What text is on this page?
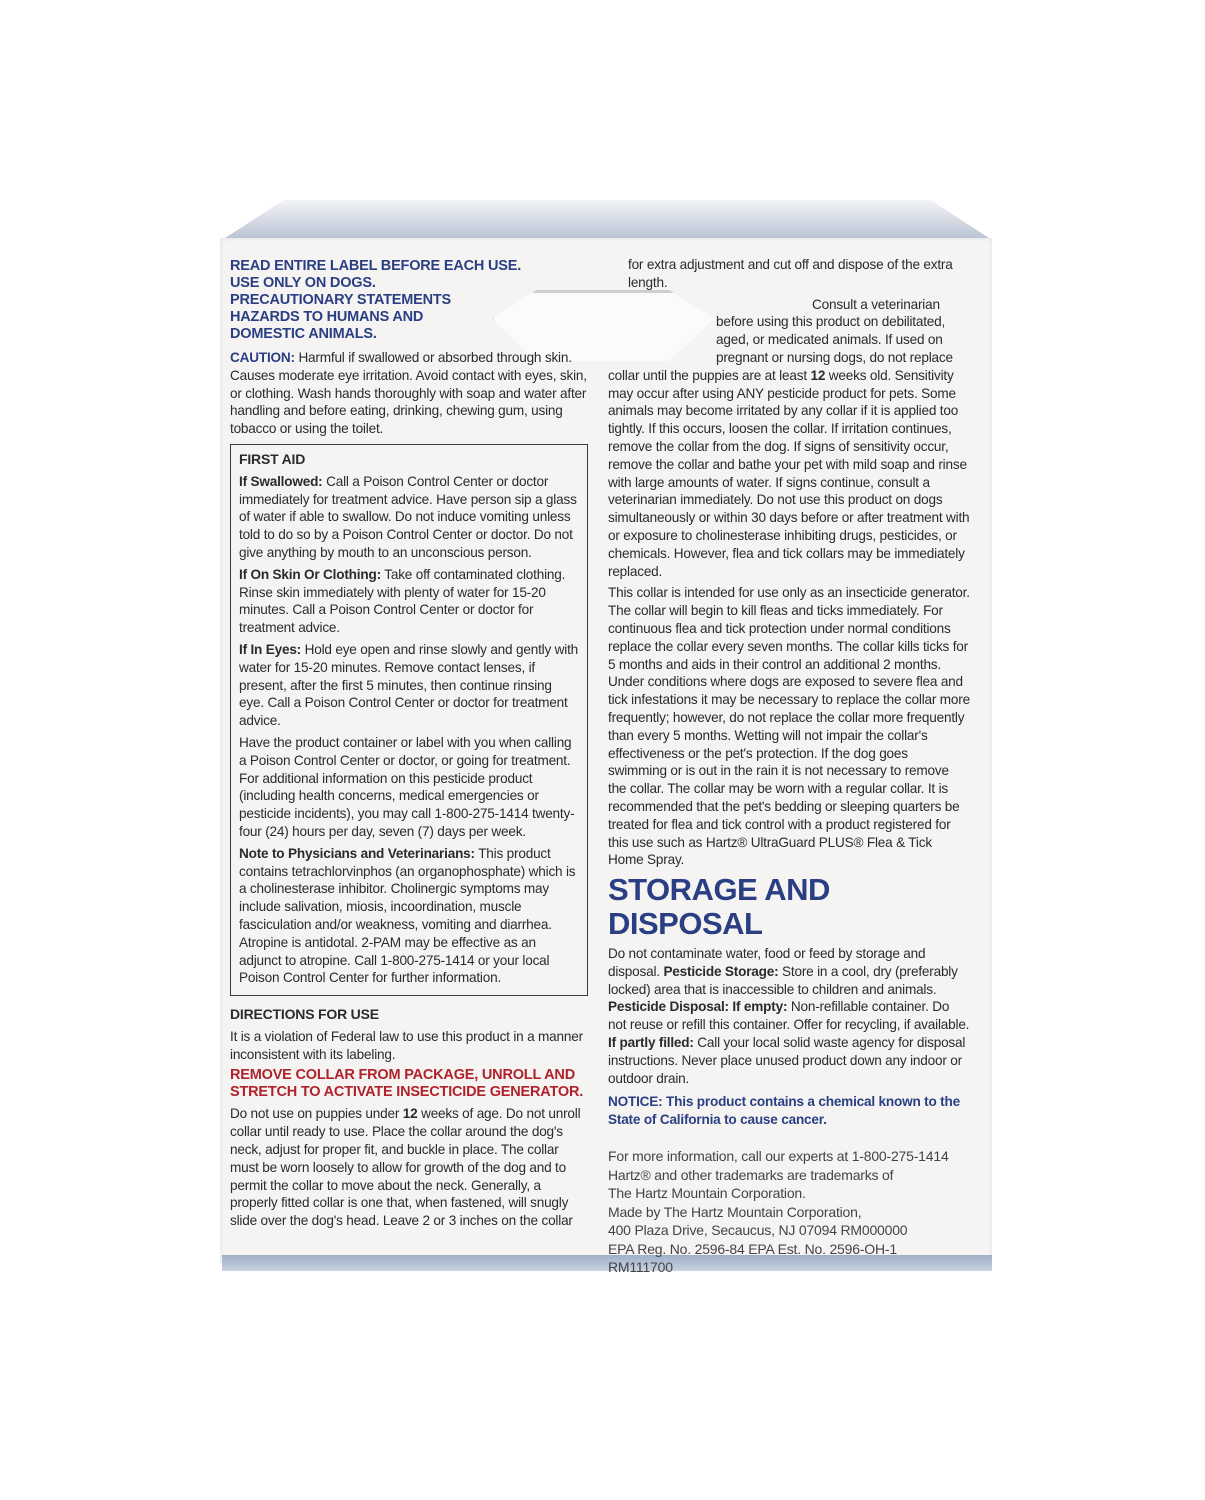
READ ENTIRE LABEL BEFORE EACH USE.
USE ONLY ON DOGS.
PRECAUTIONARY STATEMENTS
HAZARDS TO HUMANS AND
DOMESTIC ANIMALS.

CAUTION: Harmful if swallowed or absorbed through skin. Causes moderate eye irritation. Avoid contact with eyes, skin, or clothing. Wash hands thoroughly with soap and water after handling and before eating, drinking, chewing gum, using tobacco or using the toilet.

FIRST AID

If Swallowed: Call a Poison Control Center or doctor immediately for treatment advice. Have person sip a glass of water if able to swallow. Do not induce vomiting unless told to do so by a Poison Control Center or doctor. Do not give anything by mouth to an unconscious person.

If On Skin Or Clothing: Take off contaminated clothing. Rinse skin immediately with plenty of water for 15-20 minutes. Call a Poison Control Center or doctor for treatment advice.

If In Eyes: Hold eye open and rinse slowly and gently with water for 15-20 minutes. Remove contact lenses, if present, after the first 5 minutes, then continue rinsing eye. Call a Poison Control Center or doctor for treatment advice.

Have the product container or label with you when calling a Poison Control Center or doctor, or going for treatment. For additional information on this pesticide product (including health concerns, medical emergencies or pesticide incidents), you may call 1-800-275-1414 twenty-four (24) hours per day, seven (7) days per week.

Note to Physicians and Veterinarians: This product contains tetrachlorvinphos (an organophosphate) which is a cholinesterase inhibitor. Cholinergic symptoms may include salivation, miosis, incoordination, muscle fasciculation and/or weakness, vomiting and diarrhea. Atropine is antidotal. 2-PAM may be effective as an adjunct to atropine. Call 1-800-275-1414 or your local Poison Control Center for further information.

DIRECTIONS FOR USE

It is a violation of Federal law to use this product in a manner inconsistent with its labeling.

REMOVE COLLAR FROM PACKAGE, UNROLL AND STRETCH TO ACTIVATE INSECTICIDE GENERATOR.

Do not use on puppies under 12 weeks of age. Do not unroll collar until ready to use. Place the collar around the dog's neck, adjust for proper fit, and buckle in place. The collar must be worn loosely to allow for growth of the dog and to permit the collar to move about the neck. Generally, a properly fitted collar is one that, when fastened, will snugly slide over the dog's head. Leave 2 or 3 inches on the collar

for extra adjustment and cut off and dispose of the extra length.

Consult a veterinarian before using this product on debilitated, aged, or medicated animals. If used on pregnant or nursing dogs, do not replace collar until the puppies are at least 12 weeks old. Sensitivity may occur after using ANY pesticide product for pets. Some animals may become irritated by any collar if it is applied too tightly. If this occurs, loosen the collar. If irritation continues, remove the collar from the dog. If signs of sensitivity occur, remove the collar and bathe your pet with mild soap and rinse with large amounts of water. If signs continue, consult a veterinarian immediately. Do not use this product on dogs simultaneously or within 30 days before or after treatment with or exposure to cholinesterase inhibiting drugs, pesticides, or chemicals. However, flea and tick collars may be immediately replaced.

This collar is intended for use only as an insecticide generator. The collar will begin to kill fleas and ticks immediately. For continuous flea and tick protection under normal conditions replace the collar every seven months. The collar kills ticks for 5 months and aids in their control an additional 2 months. Under conditions where dogs are exposed to severe flea and tick infestations it may be necessary to replace the collar more frequently; however, do not replace the collar more frequently than every 5 months. Wetting will not impair the collar's effectiveness or the pet's protection. If the dog goes swimming or is out in the rain it is not necessary to remove the collar. The collar may be worn with a regular collar. It is recommended that the pet's bedding or sleeping quarters be treated for flea and tick control with a product registered for this use such as Hartz® UltraGuard PLUS® Flea & Tick Home Spray.

STORAGE AND DISPOSAL

Do not contaminate water, food or feed by storage and disposal. Pesticide Storage: Store in a cool, dry (preferably locked) area that is inaccessible to children and animals. Pesticide Disposal: If empty: Non-refillable container. Do not reuse or refill this container. Offer for recycling, if available. If partly filled: Call your local solid waste agency for disposal instructions. Never place unused product down any indoor or outdoor drain.

NOTICE: This product contains a chemical known to the State of California to cause cancer.

For more information, call our experts at 1-800-275-1414
Hartz® and other trademarks are trademarks of
The Hartz Mountain Corporation.
Made by The Hartz Mountain Corporation,
400 Plaza Drive, Secaucus, NJ 07094 RM000000
EPA Reg. No. 2596-84 EPA Est. No. 2596-OH-1
RM111700
